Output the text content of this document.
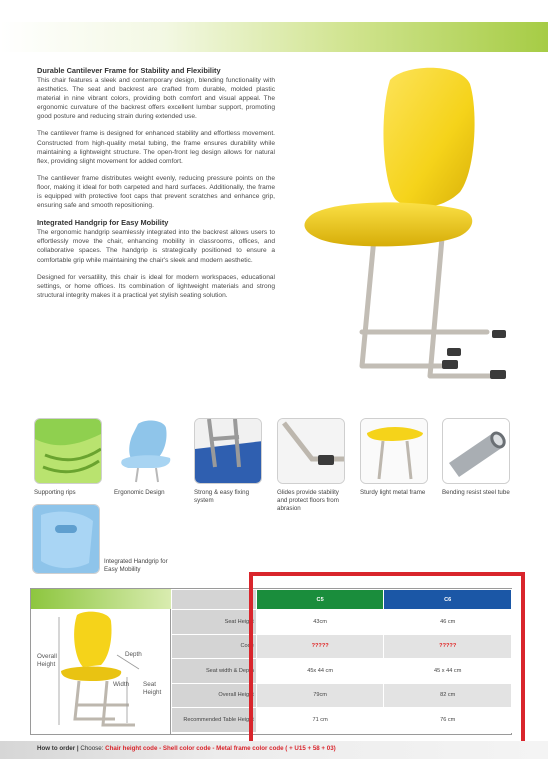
Durable Cantilever Frame for Stability and Flexibility
This chair features a sleek and contemporary design, blending functionality with aesthetics. The seat and backrest are crafted from durable, molded plastic material in nine vibrant colors, providing both comfort and visual appeal. The ergonomic curvature of the backrest offers excellent lumbar support, promoting good posture and reducing strain during extended use.
The cantilever frame is designed for enhanced stability and effortless movement. Constructed from high-quality metal tubing, the frame ensures durability while maintaining a lightweight structure. The open-front leg design allows for natural flex, providing slight movement for added comfort.
The cantilever frame distributes weight evenly, reducing pressure points on the floor, making it ideal for both carpeted and hard surfaces. Additionally, the frame is equipped with protective foot caps that prevent scratches and enhance grip, ensuring safe and smooth repositioning.
Integrated Handgrip for Easy Mobility
The ergonomic handgrip seamlessly integrated into the backrest allows users to effortlessly move the chair, enhancing mobility in classrooms, offices, and collaborative spaces. The handgrip is strategically positioned to ensure a comfortable grip while maintaining the chair's sleek and modern aesthetic.
Designed for versatility, this chair is ideal for modern workspaces, educational settings, or home offices. Its combination of lightweight materials and strong structural integrity makes it a practical yet stylish seating solution.
Supporting rips	Ergonomic Design	Strong & easy fixing system
Glides provide stability and protect floors from abrasion
Sturdy light metal frame	Bending resist steel tube
Integrated Handgrip for Easy Mobility
Overall Height
Depth
Width Seat Height
	C5	C6
Seat Height	43cm	46 cm
Code	?????	?????
Seat width & Depth	45x 44 cm	45 x 44 cm
Overall Height	79cm	82 cm
Recommended Table Height	71 cm	76 cm
How to order | Choose: Chair height code - Shell color code - Metal frame color code ( + U15 + 58 + 03)
